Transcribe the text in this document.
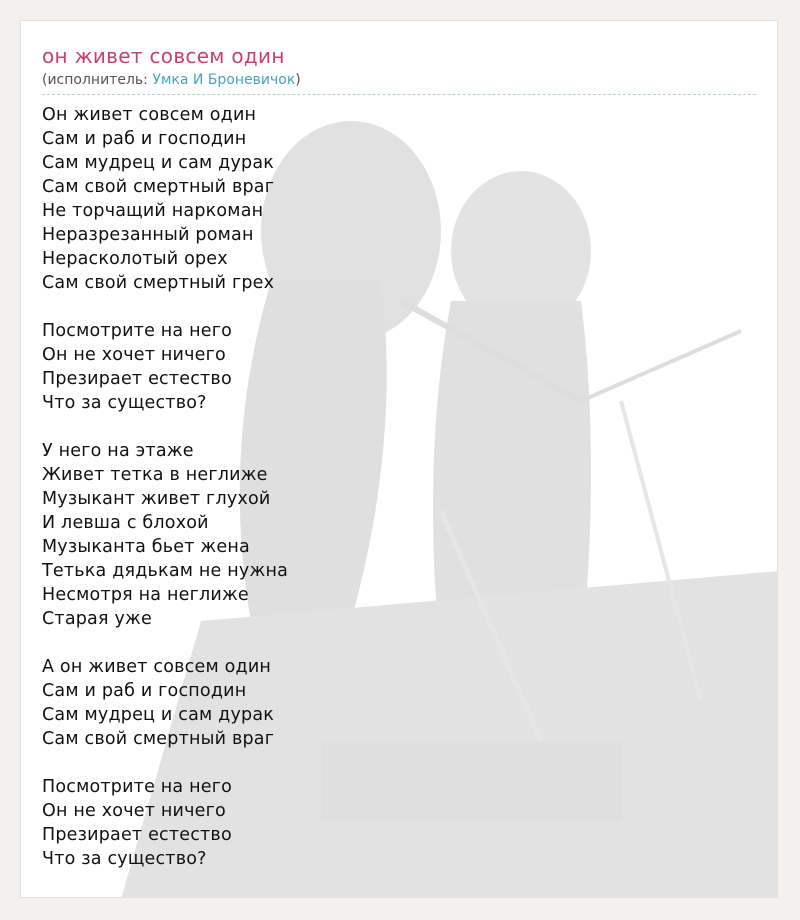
он живет совсем один
(исполнитель: Умка И Броневичок)
Он живет совсем один
Сам и раб и господин
Сам мудрец и сам дурак
Сам свой смертный враг
Не торчащий наркоман
Неразрезанный роман
Нерасколотый орех
Сам свой смертный грех
Посмотрите на него
Он не хочет ничего
Презирает естество
Что за существо?
У него на этаже
Живет тетка в неглиже
Музыкант живет глухой
И левша с блохой
Музыканта бьет жена
Тетька дядькам не нужна
Несмотря на неглиже
Старая уже
А он живет совсем один
Сам и раб и господин
Сам мудрец и сам дурак
Сам свой смертный враг
Посмотрите на него
Он не хочет ничего
Презирает естество
Что за существо?
